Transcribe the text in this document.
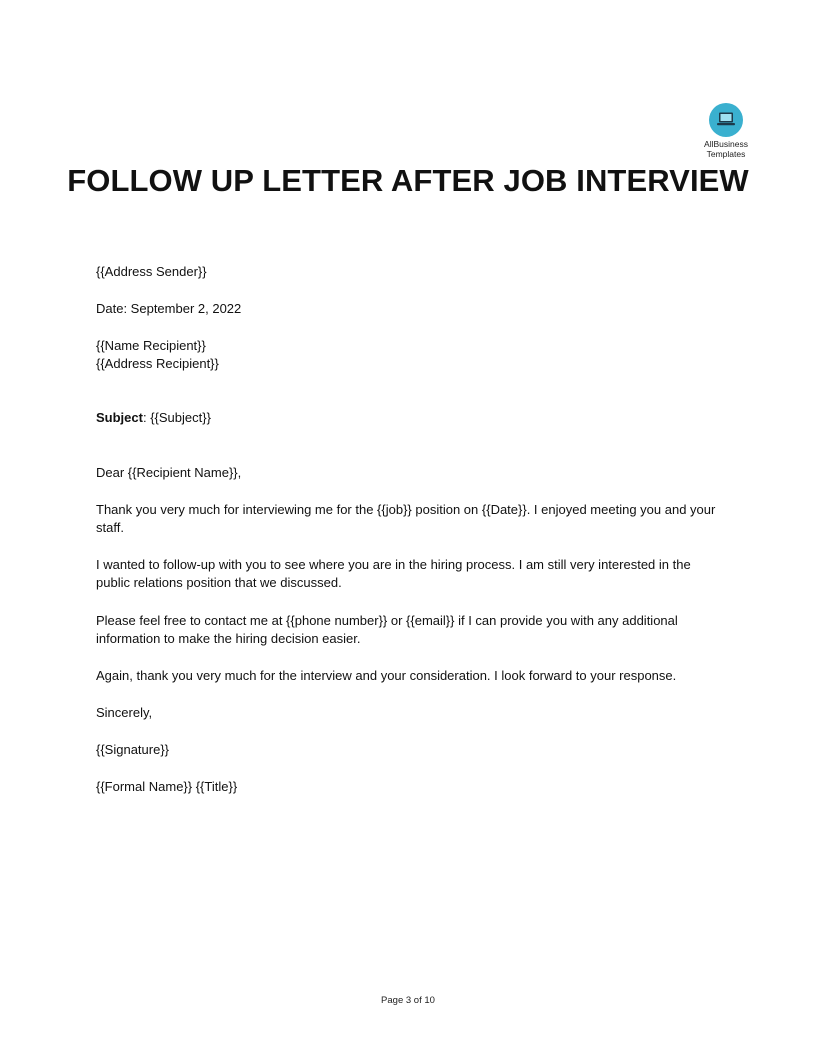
AllBusiness
Templates
FOLLOW UP LETTER AFTER JOB INTERVIEW
{{Address Sender}}
Date: September 2, 2022

{{Name Recipient}}

{{Address Recipient}}

Subject: {{Subject}}
Dear {{Recipient Name}},
Thank you very much for interviewing me for the {{job}} position on {{Date}}. I enjoyed meeting you and your staff.
I wanted to follow-up with you to see where you are in the hiring process. I am still very interested in the public relations position that we discussed.
Please feel free to contact me at {{phone number}} or {{email}} if I can provide you with any additional information to make the hiring decision easier.
Again, thank you very much for the interview and your consideration. I look forward to your response.
Sincerely,
{{Signature}}
{{Formal Name}} {{Title}}
Page 3 of 10
